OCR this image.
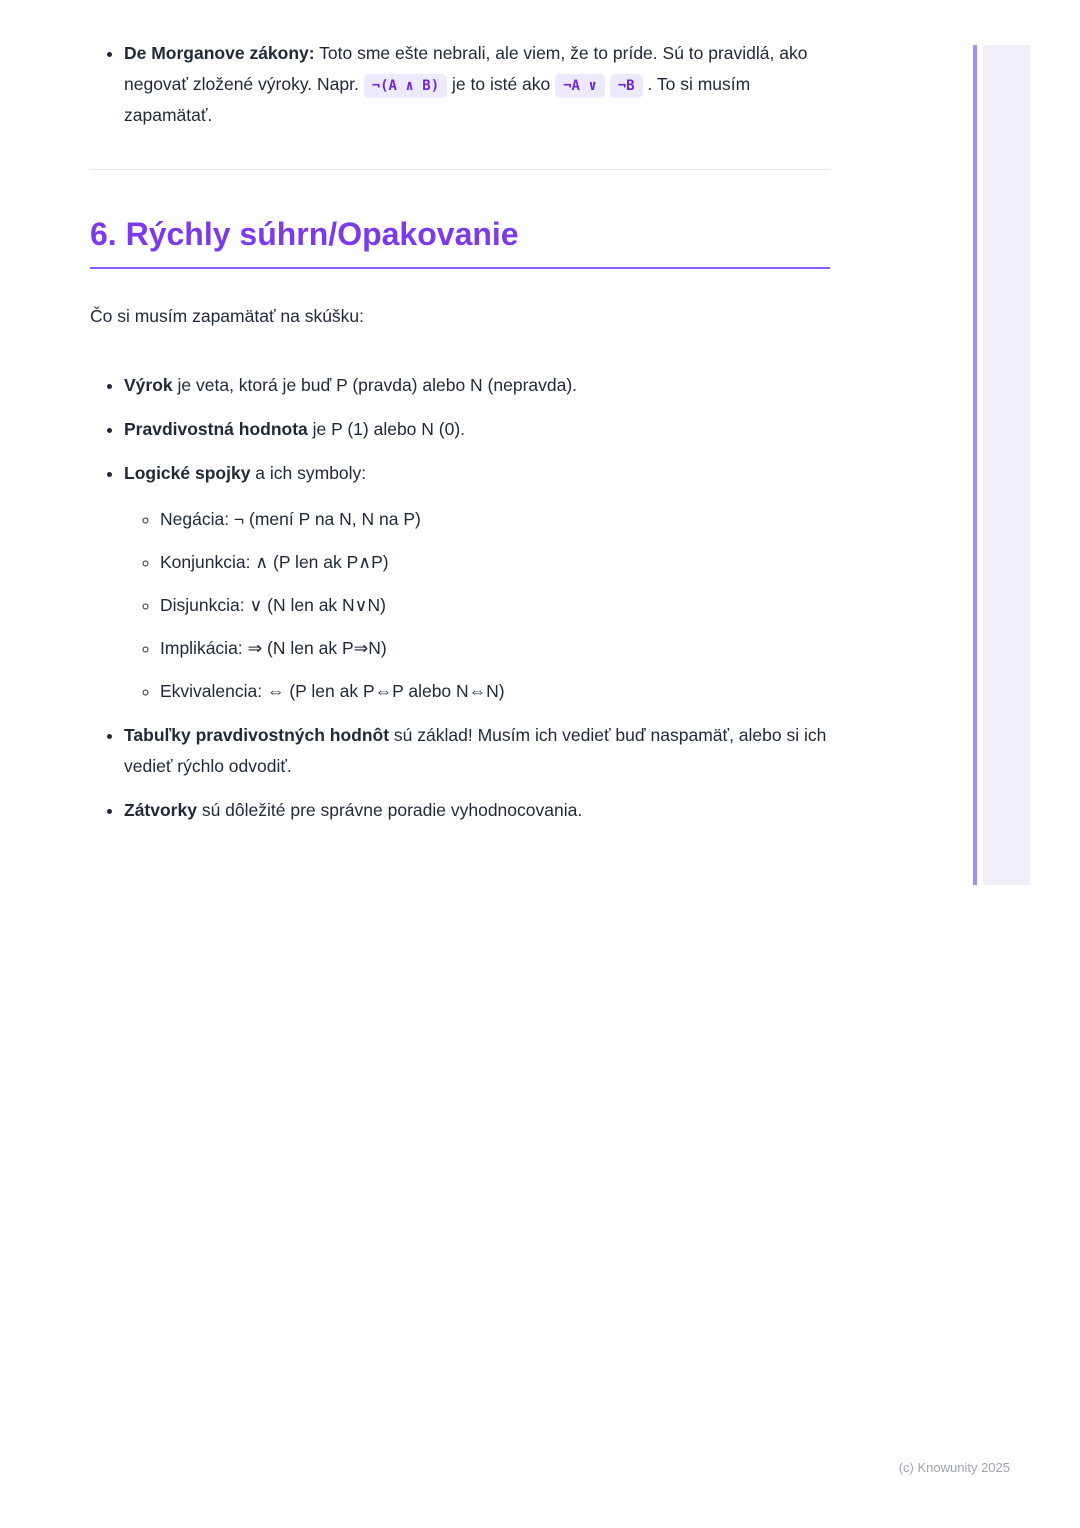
• De Morganove zákony: Toto sme ešte nebrali, ale viem, že to príde. Sú to pravidlá, ako negovať zložené výroky. Napr. ¬(A ∧ B) je to isté ako ¬A ∨ ¬B . To si musím zapamätať.
6. Rýchly súhrn/Opakovanie

Čo si musím zapamätať na skúšku:

• Výrok je veta, ktorá je buď P (pravda) alebo N (nepravda).
• Pravdivostná hodnota je P (1) alebo N (0).
• Logické spojky a ich symboly:
◦ Negácia: ¬ (mení P na N, N na P)
◦ Konjunkcia: ∧ (P len ak P∧P)
◦ Disjunkcia: ∨ (N len ak N∨N)
◦ Implikácia: ⇒ (N len ak P⇒N)
◦ Ekvivalencia: ⇔ (P len ak P⇔P alebo N⇔N)
• Tabuľky pravdivostných hodnôt sú základ! Musím ich vedieť buď naspamäť, alebo si ich vedieť rýchlo odvodiť.
• Zátvorky sú dôležité pre správne poradie vyhodnocovania.
(c) Knowunity 2025
